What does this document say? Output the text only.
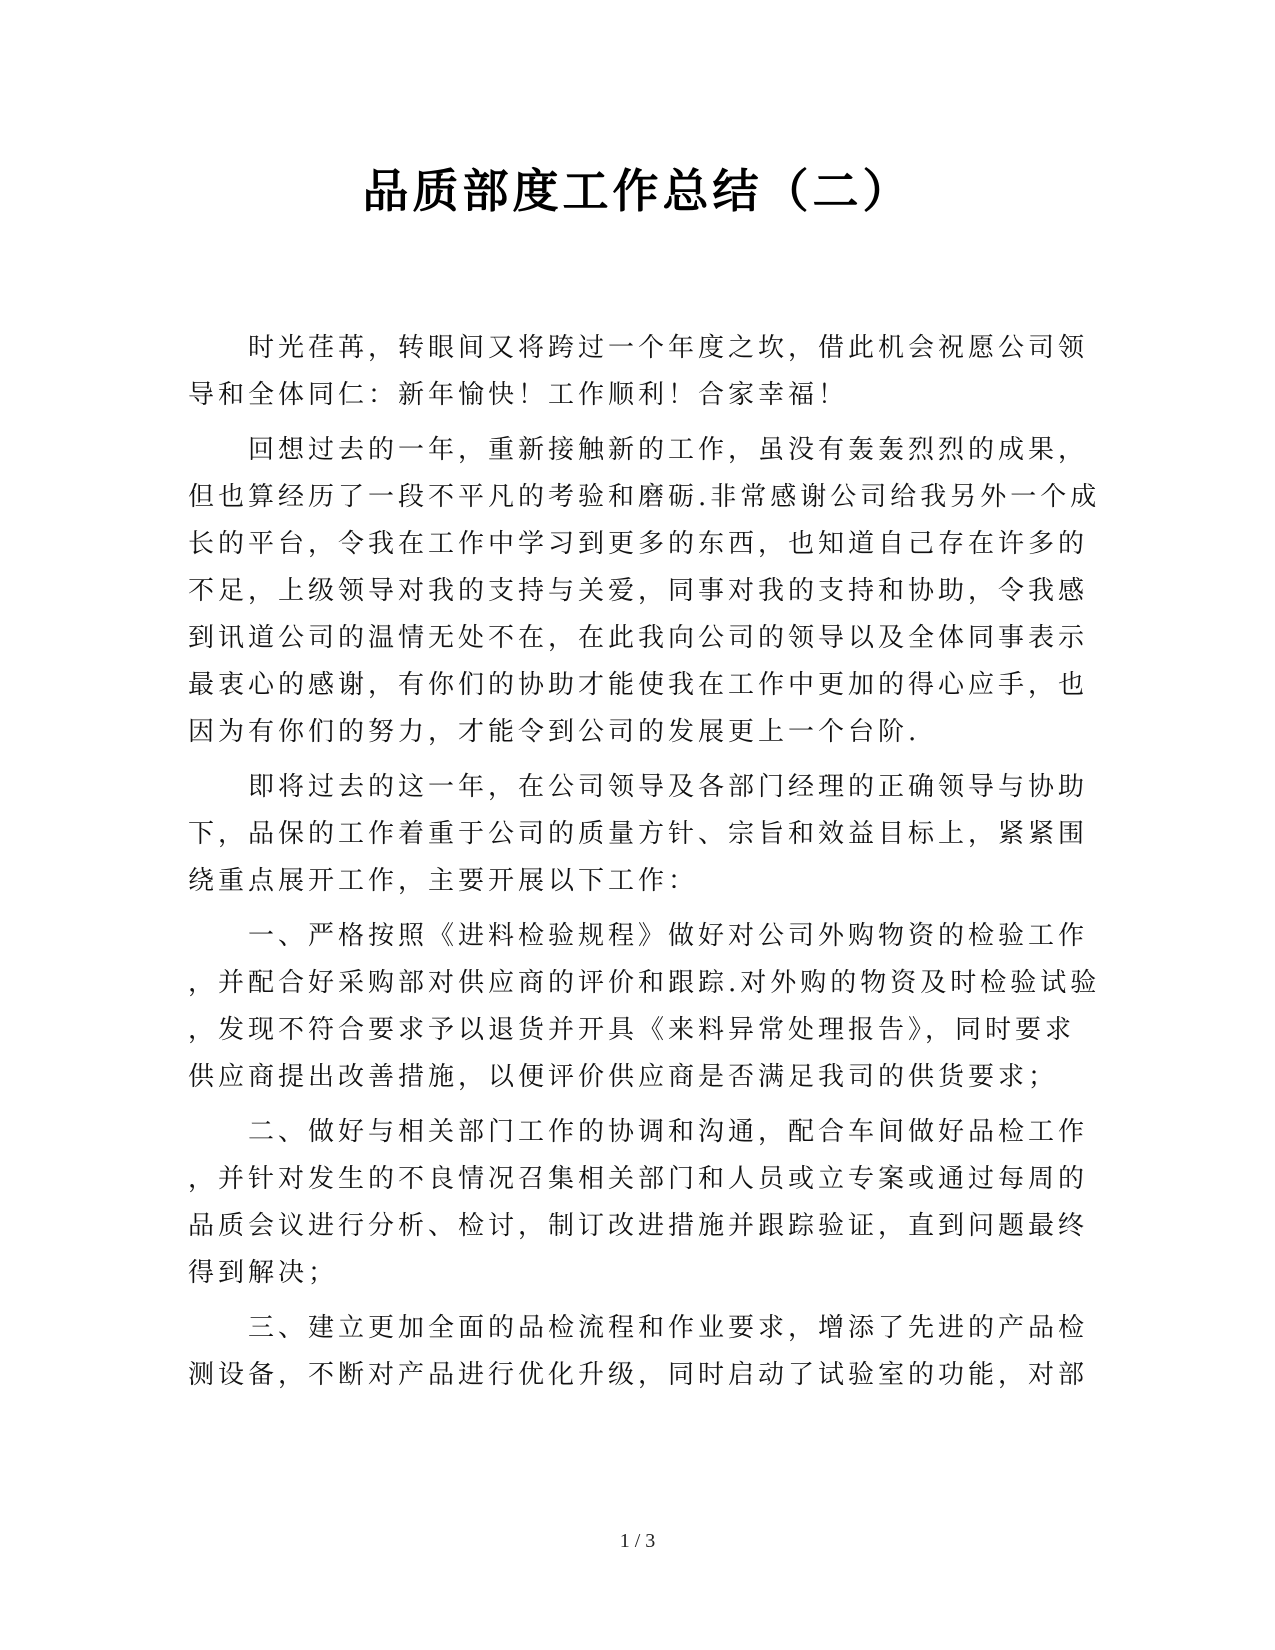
品质部度工作总结（二）
时光荏苒，转眼间又将跨过一个年度之坎，借此机会祝愿公司领
导和全体同仁：新年愉快！工作顺利！合家幸福！
回想过去的一年，重新接触新的工作，虽没有轰轰烈烈的成果，
但也算经历了一段不平凡的考验和磨砺.非常感谢公司给我另外一个成
长的平台，令我在工作中学习到更多的东西，也知道自己存在许多的
不足，上级领导对我的支持与关爱，同事对我的支持和协助，令我感
到讯道公司的温情无处不在，在此我向公司的领导以及全体同事表示
最衷心的感谢，有你们的协助才能使我在工作中更加的得心应手，也
因为有你们的努力，才能令到公司的发展更上一个台阶.
即将过去的这一年，在公司领导及各部门经理的正确领导与协助
下，品保的工作着重于公司的质量方针、宗旨和效益目标上，紧紧围
绕重点展开工作，主要开展以下工作：
一、严格按照《进料检验规程》做好对公司外购物资的检验工作
，并配合好采购部对供应商的评价和跟踪.对外购的物资及时检验试验
，发现不符合要求予以退货并开具《来料异常处理报告》，同时要求
供应商提出改善措施，以便评价供应商是否满足我司的供货要求；
二、做好与相关部门工作的协调和沟通，配合车间做好品检工作
，并针对发生的不良情况召集相关部门和人员或立专案或通过每周的
品质会议进行分析、检讨，制订改进措施并跟踪验证，直到问题最终
得到解决；
三、建立更加全面的品检流程和作业要求，增添了先进的产品检
测设备，不断对产品进行优化升级，同时启动了试验室的功能，对部
1 / 3
